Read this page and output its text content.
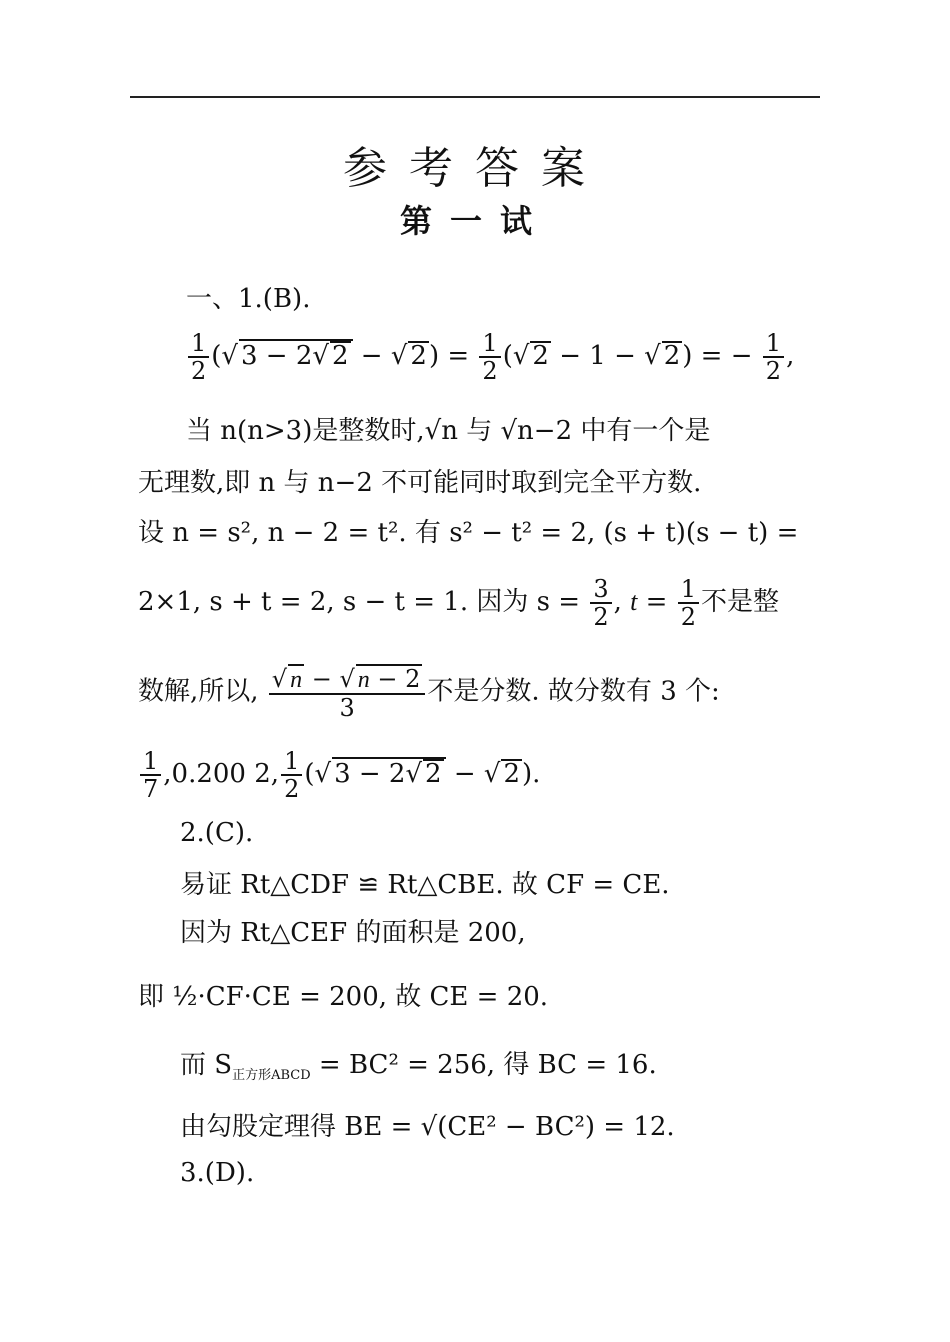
参考答案
第一试
一、1.(B).
$\frac{1}{2}$ (√ 3 − 2√ 2 − √ $2) = \frac{1}{2}$ (√ 2 − 1 − √ 2) = − $\frac{1}{2}$ ,
当 n(n>3)是整数时,√n 与 √n−2 中有一个是
无理数,即 n 与 n−2 不可能同时取到完全平方数.
设 n = s², n − 2 = t². 有 s² − t² = 2, (s + t)(s − t) =
2×1, s + t = 2, s − t = 1. 因为 $s = \frac{3}{2}$ , $t = \frac{1}{2}$ 不是整
数解,所以, $\frac{√ n - √ n - 2}{3}$ 不是分数. 故分数有 3 个:
$\frac{1}{7} ,0.200$ 2, $\frac{1}{2}$ (√ 3 − 2√ 2 − √ 2).
2.(C).
易证 Rt△CDF ≌ Rt△CBE. 故 CF = CE.
因为 Rt△CEF 的面积是 200,
即 ½·CF·CE = 200, 故 CE = 20.
而 $S_{正方形ABCD} = BC^2 = 256$, 得 BC = 16.
由勾股定理得 BE = √(CE² − BC²) = 12.
3.(D).
